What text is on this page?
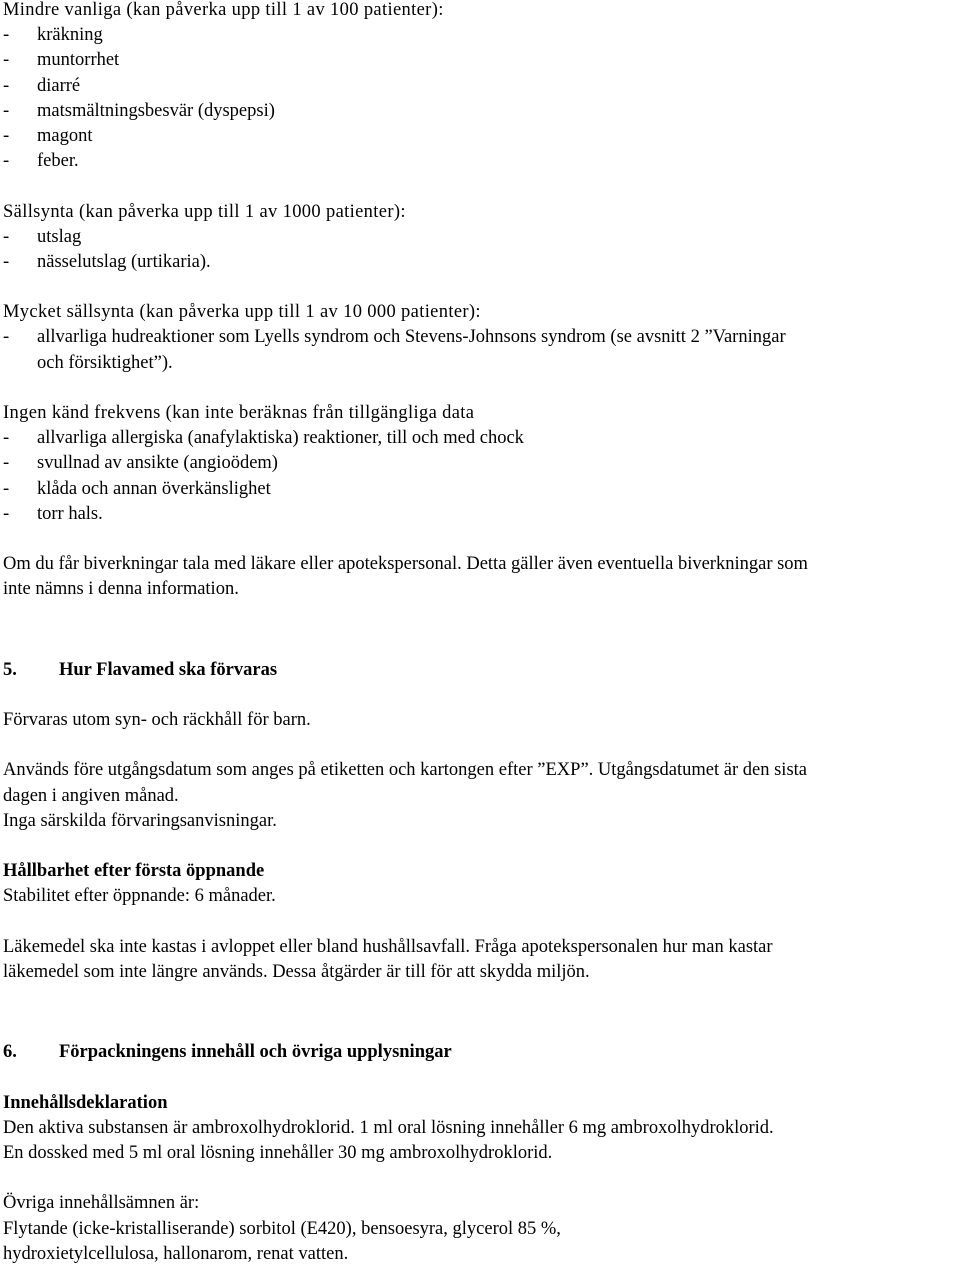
Mindre vanliga (kan påverka upp till 1 av 100 patienter):
-	kräkning
-	muntorrhet
-	diarré
-	matsmältningsbesvär (dyspepsi)
-	magont
-	feber.
Sällsynta (kan påverka upp till 1 av 1000 patienter):
-	utslag
-	nässelutslag (urtikaria).
Mycket sällsynta (kan påverka upp till 1 av 10 000 patienter):
-	allvarliga hudreaktioner som Lyells syndrom och Stevens-Johnsons syndrom (se avsnitt 2 ”Varningar
och försiktighet”).
Ingen känd frekvens (kan inte beräknas från tillgängliga data
-	allvarliga allergiska (anafylaktiska) reaktioner, till och med chock
-	svullnad av ansikte (angioödem)
-	klåda och annan överkänslighet
-	torr hals.
Om du får biverkningar tala med läkare eller apotekspersonal. Detta gäller även eventuella biverkningar som
inte nämns i denna information.
5.	Hur Flavamed ska förvaras
Förvaras utom syn- och räckhåll för barn.
Används före utgångsdatum som anges på etiketten och kartongen efter ”EXP”. Utgångsdatumet är den sista
dagen i angiven månad.
Inga särskilda förvaringsanvisningar.
Hållbarhet efter första öppnande
Stabilitet efter öppnande: 6 månader.
Läkemedel ska inte kastas i avloppet eller bland hushållsavfall. Fråga apotekspersonalen hur man kastar
läkemedel som inte längre används. Dessa åtgärder är till för att skydda miljön.
6.	Förpackningens innehåll och övriga upplysningar
Innehållsdeklaration
Den aktiva substansen är ambroxolhydroklorid. 1 ml oral lösning innehåller 6 mg ambroxolhydroklorid.
En dossked med 5 ml oral lösning innehåller 30 mg ambroxolhydroklorid.
Övriga innehållsämnen är:
Flytande (icke-kristalliserande) sorbitol (E420), bensoesyra, glycerol 85 %,
hydroxietylcellulosa, hallonarom, renat vatten.
